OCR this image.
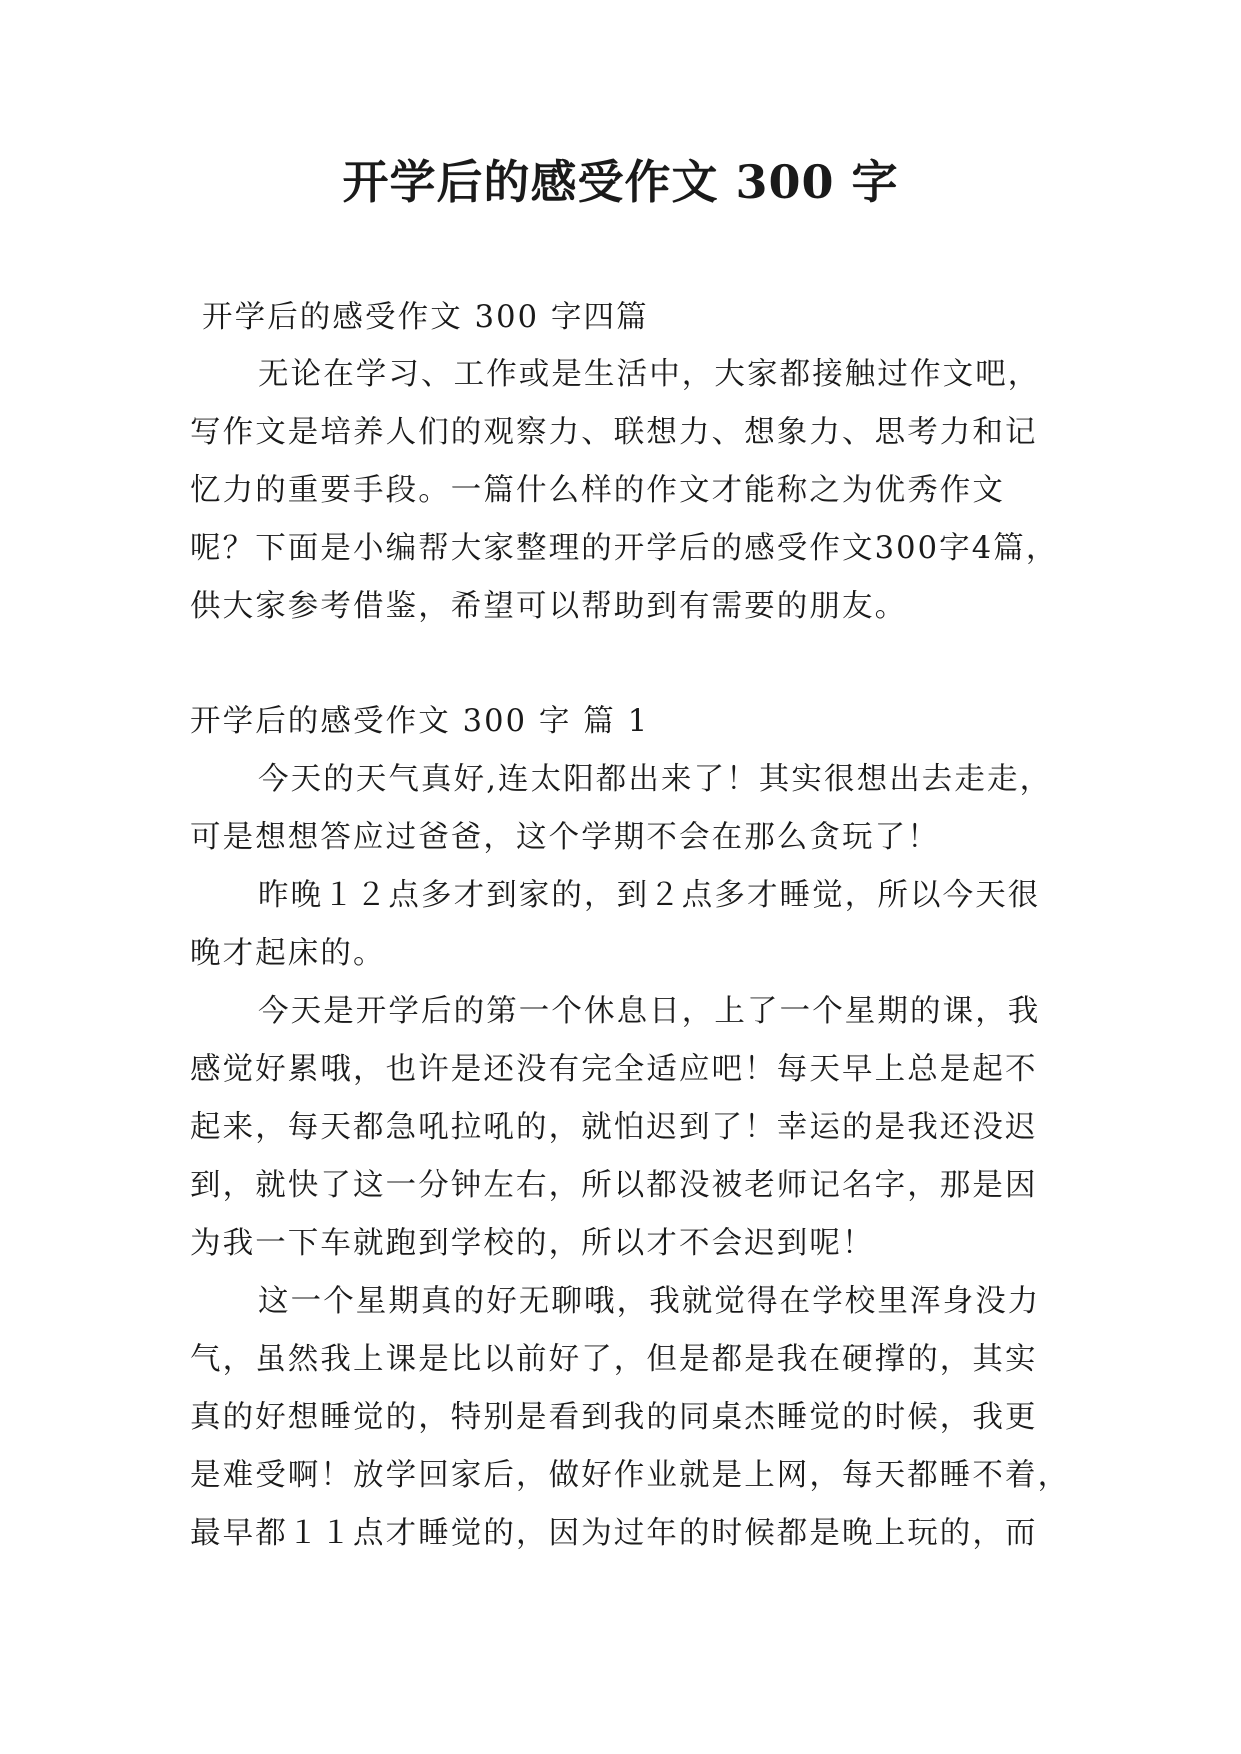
开学后的感受作文 300 字
开学后的感受作文 300 字四篇
无论在学习、工作或是生活中，大家都接触过作文吧，
写作文是培养人们的观察力、联想力、想象力、思考力和记
忆力的重要手段。一篇什么样的作文才能称之为优秀作文
呢？下面是小编帮大家整理的开学后的感受作文300字4篇，
供大家参考借鉴，希望可以帮助到有需要的朋友。
开学后的感受作文 300 字 篇 1
今天的天气真好,连太阳都出来了！其实很想出去走走，
可是想想答应过爸爸，这个学期不会在那么贪玩了！
昨晚１２点多才到家的，到２点多才睡觉，所以今天很
晚才起床的。
今天是开学后的第一个休息日，上了一个星期的课，我
感觉好累哦，也许是还没有完全适应吧！每天早上总是起不
起来，每天都急吼拉吼的，就怕迟到了！幸运的是我还没迟
到，就快了这一分钟左右，所以都没被老师记名字，那是因
为我一下车就跑到学校的，所以才不会迟到呢！
这一个星期真的好无聊哦，我就觉得在学校里浑身没力
气，虽然我上课是比以前好了，但是都是我在硬撑的，其实
真的好想睡觉的，特别是看到我的同桌杰睡觉的时候，我更
是难受啊！放学回家后，做好作业就是上网，每天都睡不着，
最早都１１点才睡觉的，因为过年的时候都是晚上玩的，而
